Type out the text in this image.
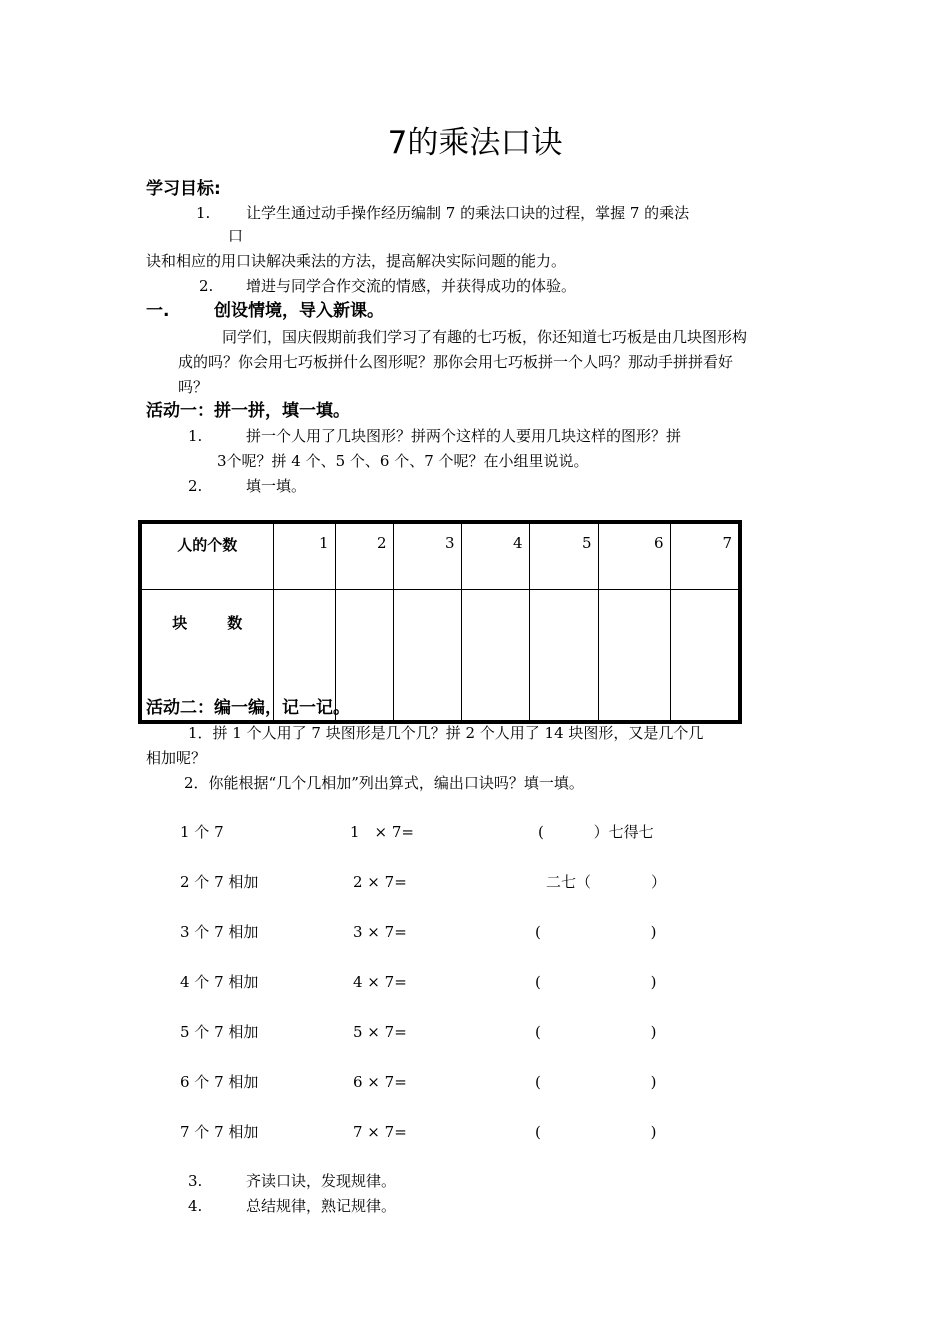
7的乘法口诀
学习目标:
1. 让学生通过动手操作经历编制 7 的乘法口诀的过程，掌握 7 的乘法
口
诀和相应的用口诀解决乘法的方法，提高解决实际问题的能力。
2. 增进与同学合作交流的情感，并获得成功的体验。
一.	创设情境，导入新课。
同学们，国庆假期前我们学习了有趣的七巧板，你还知道七巧板是由几块图形构
成的吗？你会用七巧板拼什么图形呢？那你会用七巧板拼一个人吗？那动手拼拼看好
吗？
活动一：拼一拼，填一填。
1.	拼一个人用了几块图形？拼两个这样的人要用几块这样的图形？拼
3个呢？拼 4 个、5 个、6 个、7 个呢？在小组里说说。
2.	填一填。
人的个数	1	2	3	4	5	6	7
块 数							
活动二：编一编，记一记。
1．拼 1 个人用了 7 块图形是几个几？拼 2 个人用了 14 块图形，又是几个几
相加呢？
2．你能根据“几个几相加”列出算式，编出口诀吗？填一填。
1 个 7	1　× 7=	(　　　 ）七得七
2 个 7 相加	2 × 7=	二七（　　　　）
3 个 7 相加	3 × 7=	(　　　　　　　 )
4 个 7 相加	4 × 7=	(　　　　　　　 )
5 个 7 相加	5 × 7=	(　　　　　　　 )
6 个 7 相加	6 × 7=	(　　　　　　　 )
7 个 7 相加	7 × 7=	(　　　　　　　 )
3.	齐读口诀，发现规律。
4.	总结规律，熟记规律。
